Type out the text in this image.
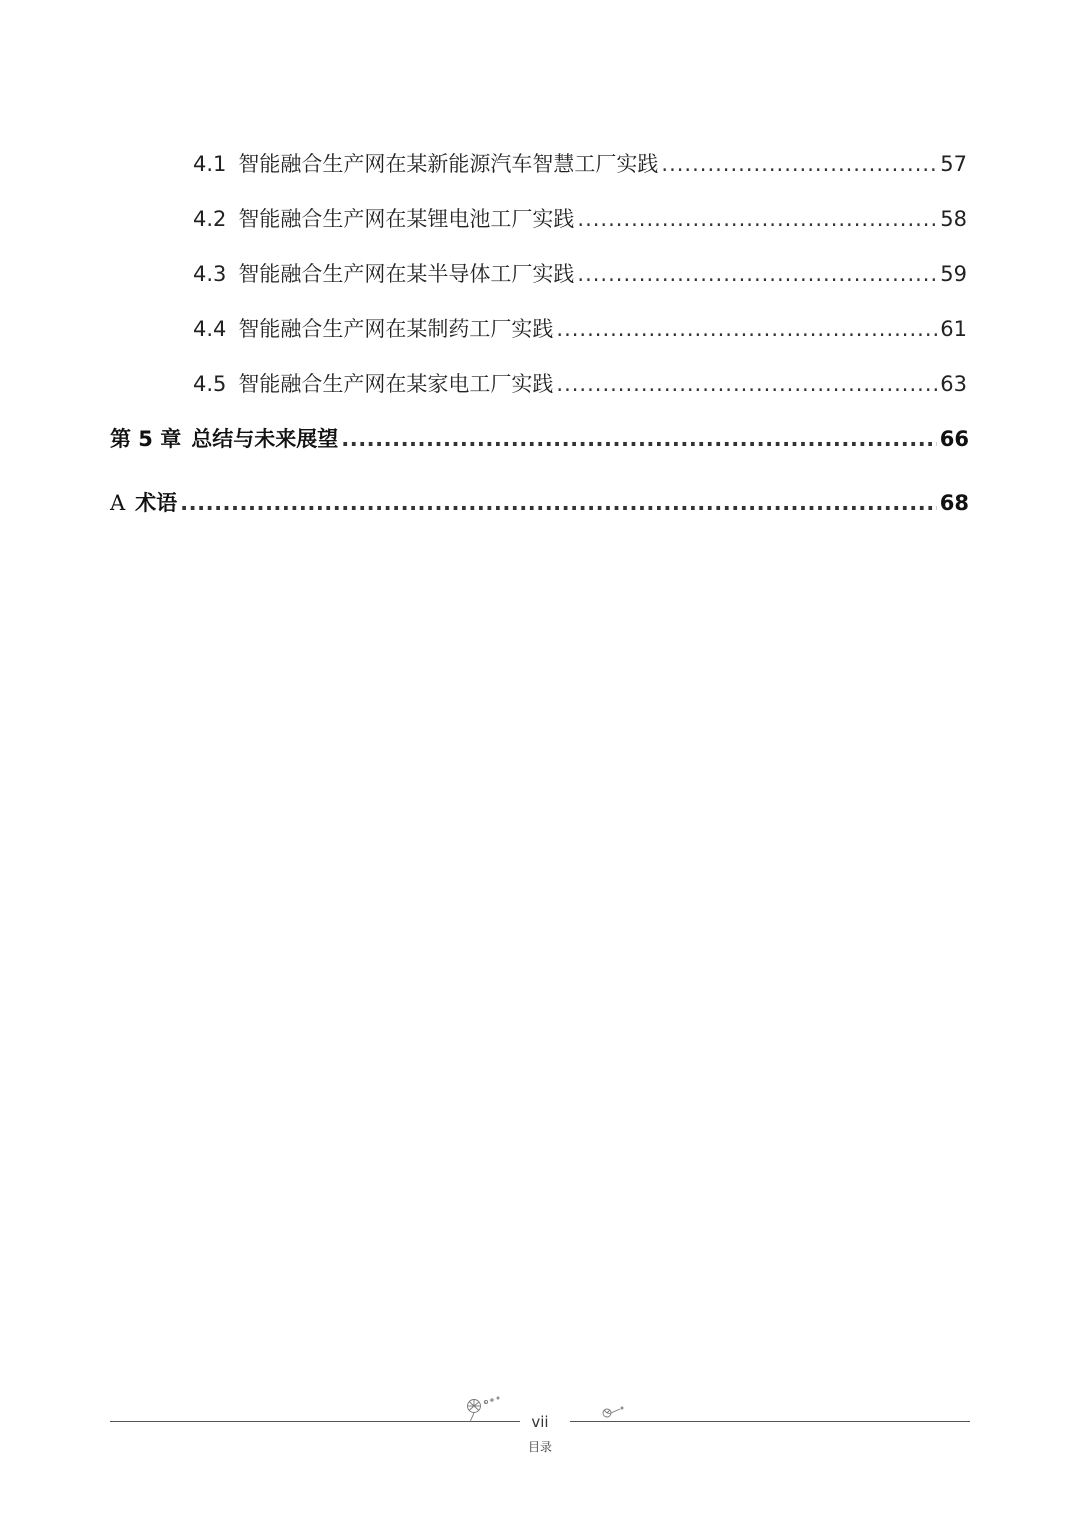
4.1 智能融合生产网在某新能源汽车智慧工厂实践 .....	57
4.2 智能融合生产网在某锂电池工厂实践 .....	58
4.3 智能融合生产网在某半导体工厂实践 .....	59
4.4 智能融合生产网在某制药工厂实践 .....	61
4.5 智能融合生产网在某家电工厂实践 .....	63
第 5 章 总结与未来展望 .....	66
A 术语 .....	68
vii
目录
